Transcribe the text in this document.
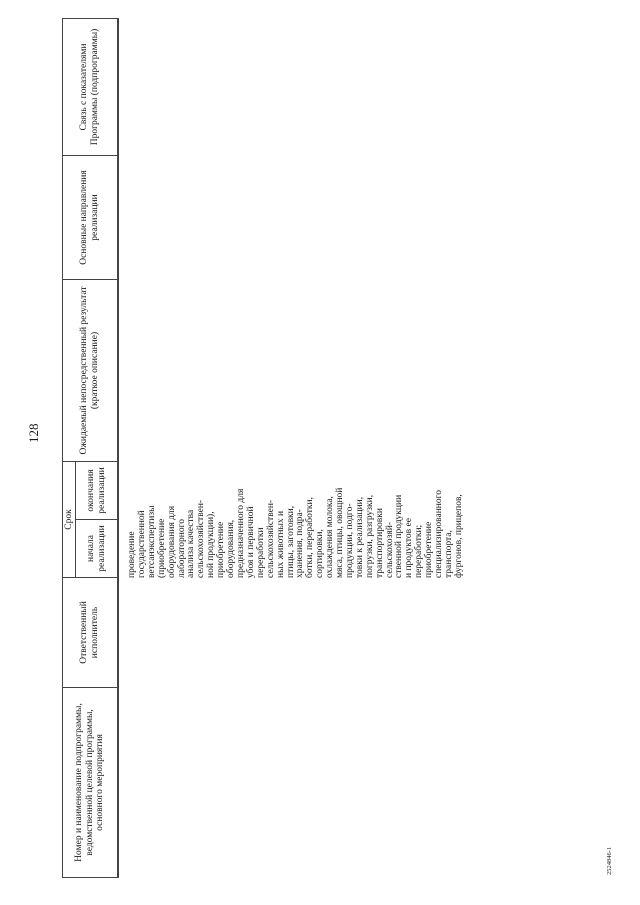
128
2524846-1
Номер и наименование подпрограммы, ведомственной целевой программы, основного мероприятия
Ответственный исполнитель
Срок
начала реализации
окончания реализации
Ожидаемый непосредственный результат (краткое описание)
Основные направления реализации
Связь с показателями Программы (подпрограммы)
проведение государственной ветсанэкспертизы (приобретение оборудования для лабораторного анализа качества сельскохозяйствен- ной продукции), приобретение оборудования, предназначенного для убоя и первичной переработки сельскохозяйствен- ных животных и птицы, заготовки, хранения, подра- ботки, переработки, сортировки, охлаждения молока, мяса, птицы, овощной продукции, подго- товки к реализации, погрузки, разгрузки, транспортировки сельскохозяй- ственной продукции и продуктов ее переработки; приобретение специализированного транспорта, фургонов, прицепов,
